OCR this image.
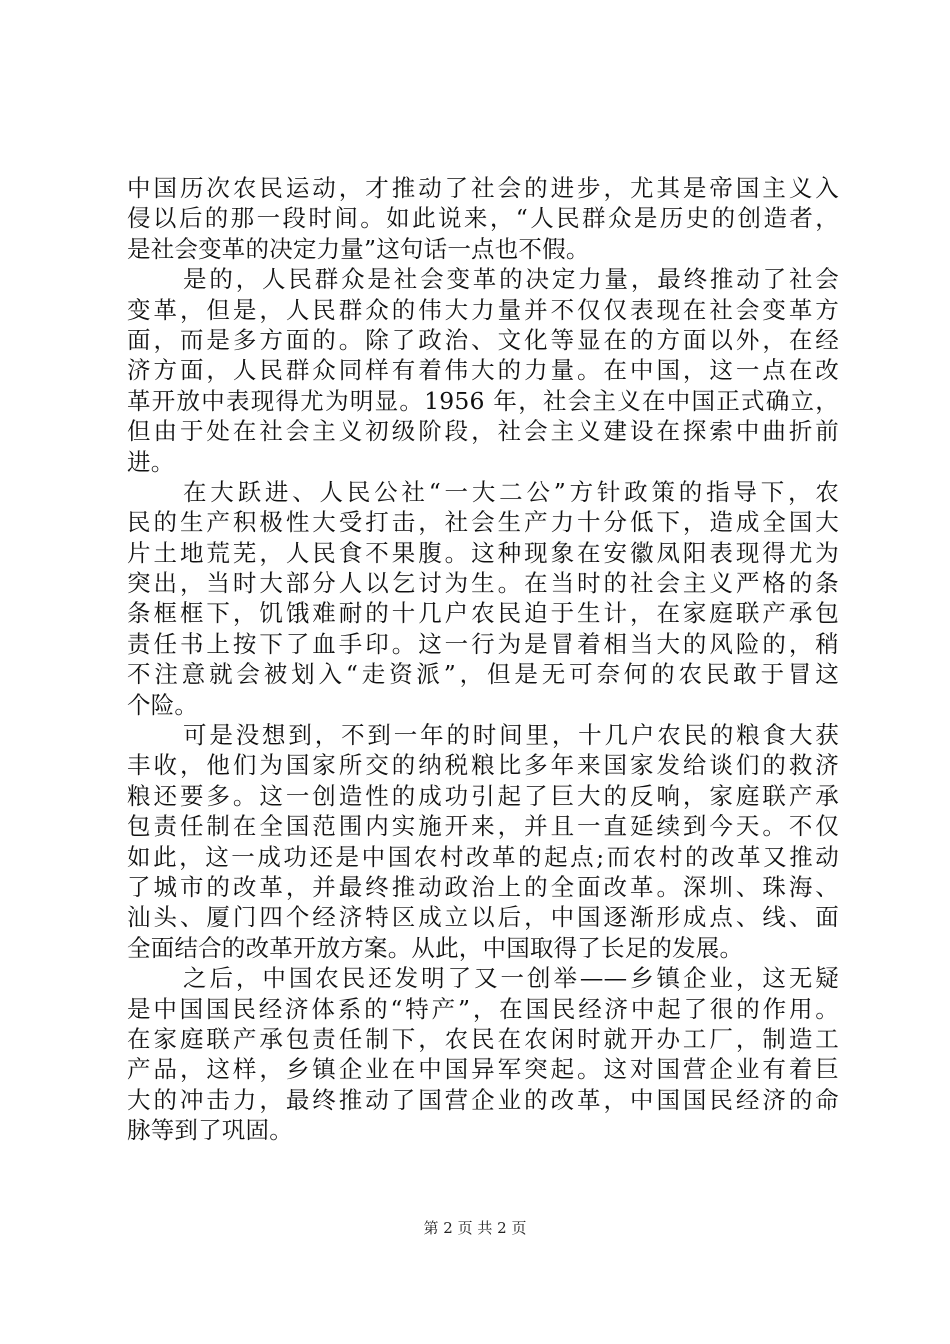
中国历次农民运动，才推动了社会的进步，尤其是帝国主义入
侵以后的那一段时间。如此说来，“人民群众是历史的创造者，
是社会变革的决定力量”这句话一点也不假。
是的，人民群众是社会变革的决定力量，最终推动了社会
变革，但是，人民群众的伟大力量并不仅仅表现在社会变革方
面，而是多方面的。除了政治、文化等显在的方面以外，在经
济方面，人民群众同样有着伟大的力量。在中国，这一点在改
革开放中表现得尤为明显。1956 年，社会主义在中国正式确立，
但由于处在社会主义初级阶段，社会主义建设在探索中曲折前
进。
在大跃进、人民公社“一大二公”方针政策的指导下，农
民的生产积极性大受打击，社会生产力十分低下，造成全国大
片土地荒芜，人民食不果腹。这种现象在安徽凤阳表现得尤为
突出，当时大部分人以乞讨为生。在当时的社会主义严格的条
条框框下，饥饿难耐的十几户农民迫于生计，在家庭联产承包
责任书上按下了血手印。这一行为是冒着相当大的风险的，稍
不注意就会被划入“走资派”，但是无可奈何的农民敢于冒这
个险。
可是没想到，不到一年的时间里，十几户农民的粮食大获
丰收，他们为国家所交的纳税粮比多年来国家发给谈们的救济
粮还要多。这一创造性的成功引起了巨大的反响，家庭联产承
包责任制在全国范围内实施开来，并且一直延续到今天。不仅
如此，这一成功还是中国农村改革的起点;而农村的改革又推动
了城市的改革，并最终推动政治上的全面改革。深圳、珠海、
汕头、厦门四个经济特区成立以后，中国逐渐形成点、线、面
全面结合的改革开放方案。从此，中国取得了长足的发展。
之后，中国农民还发明了又一创举——乡镇企业，这无疑
是中国国民经济体系的“特产”，在国民经济中起了很的作用。
在家庭联产承包责任制下，农民在农闲时就开办工厂，制造工
产品，这样，乡镇企业在中国异军突起。这对国营企业有着巨
大的冲击力，最终推动了国营企业的改革，中国国民经济的命
脉等到了巩固。
第 2 页 共 2 页
